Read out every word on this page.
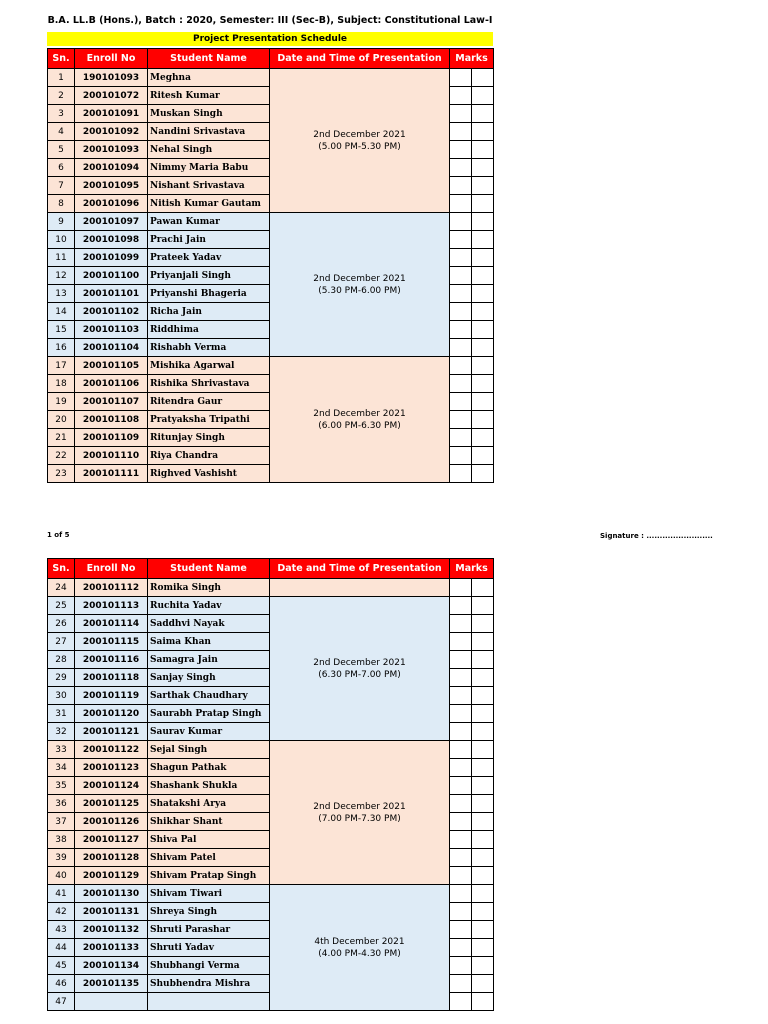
B.A. LL.B (Hons.), Batch : 2020, Semester: III (Sec-B), Subject: Constitutional Law-I
Project Presentation Schedule
Sn.	Enroll No	Student Name	Date and Time of Presentation	Marks	
1	190101093	Meghna	2nd December 2021
(5.00 PM-5.30 PM)		

2	200101072	Ritesh Kumar			
3	200101091	Muskan Singh			
4	200101092	Nandini Srivastava			
5	200101093	Nehal Singh			
6	200101094	Nimmy Maria Babu			
7	200101095	Nishant Srivastava			
8	200101096	Nitish Kumar Gautam			
9	200101097	Pawan Kumar	2nd December 2021
(5.30 PM-6.00 PM)		

10	200101098	Prachi Jain			
11	200101099	Prateek Yadav			
12	200101100	Priyanjali Singh			
13	200101101	Priyanshi Bhageria			
14	200101102	Richa Jain			
15	200101103	Riddhima			
16	200101104	Rishabh Verma			
17	200101105	Mishika Agarwal	2nd December 2021
(6.00 PM-6.30 PM)		

18	200101106	Rishika Shrivastava			
19	200101107	Ritendra Gaur			
20	200101108	Pratyaksha Tripathi			
21	200101109	Ritunjay Singh			
22	200101110	Riya Chandra			
23	200101111	Righved Vashisht			
1 of 5	Signature : .........................
Sn.	Enroll No	Student Name	Date and Time of Presentation	Marks	
24	200101112	Romika Singh			
25	200101113	Ruchita Yadav	2nd December 2021
(6.30 PM-7.00 PM)		

26	200101114	Saddhvi Nayak			
27	200101115	Saima Khan			
28	200101116	Samagra Jain			
29	200101118	Sanjay Singh			
30	200101119	Sarthak Chaudhary			
31	200101120	Saurabh Pratap Singh			
32	200101121	Saurav Kumar			
33	200101122	Sejal Singh	2nd December 2021
(7.00 PM-7.30 PM)		

34	200101123	Shagun Pathak			
35	200101124	Shashank Shukla			
36	200101125	Shatakshi Arya			
37	200101126	Shikhar Shant			
38	200101127	Shiva Pal			
39	200101128	Shivam Patel			
40	200101129	Shivam Pratap Singh			
41	200101130	Shivam Tiwari	4th December 2021
(4.00 PM-4.30 PM)		

42	200101131	Shreya Singh			
43	200101132	Shruti Parashar			
44	200101133	Shruti Yadav			
45	200101134	Shubhangi Verma			
46	200101135	Shubhendra Mishra			
47					
